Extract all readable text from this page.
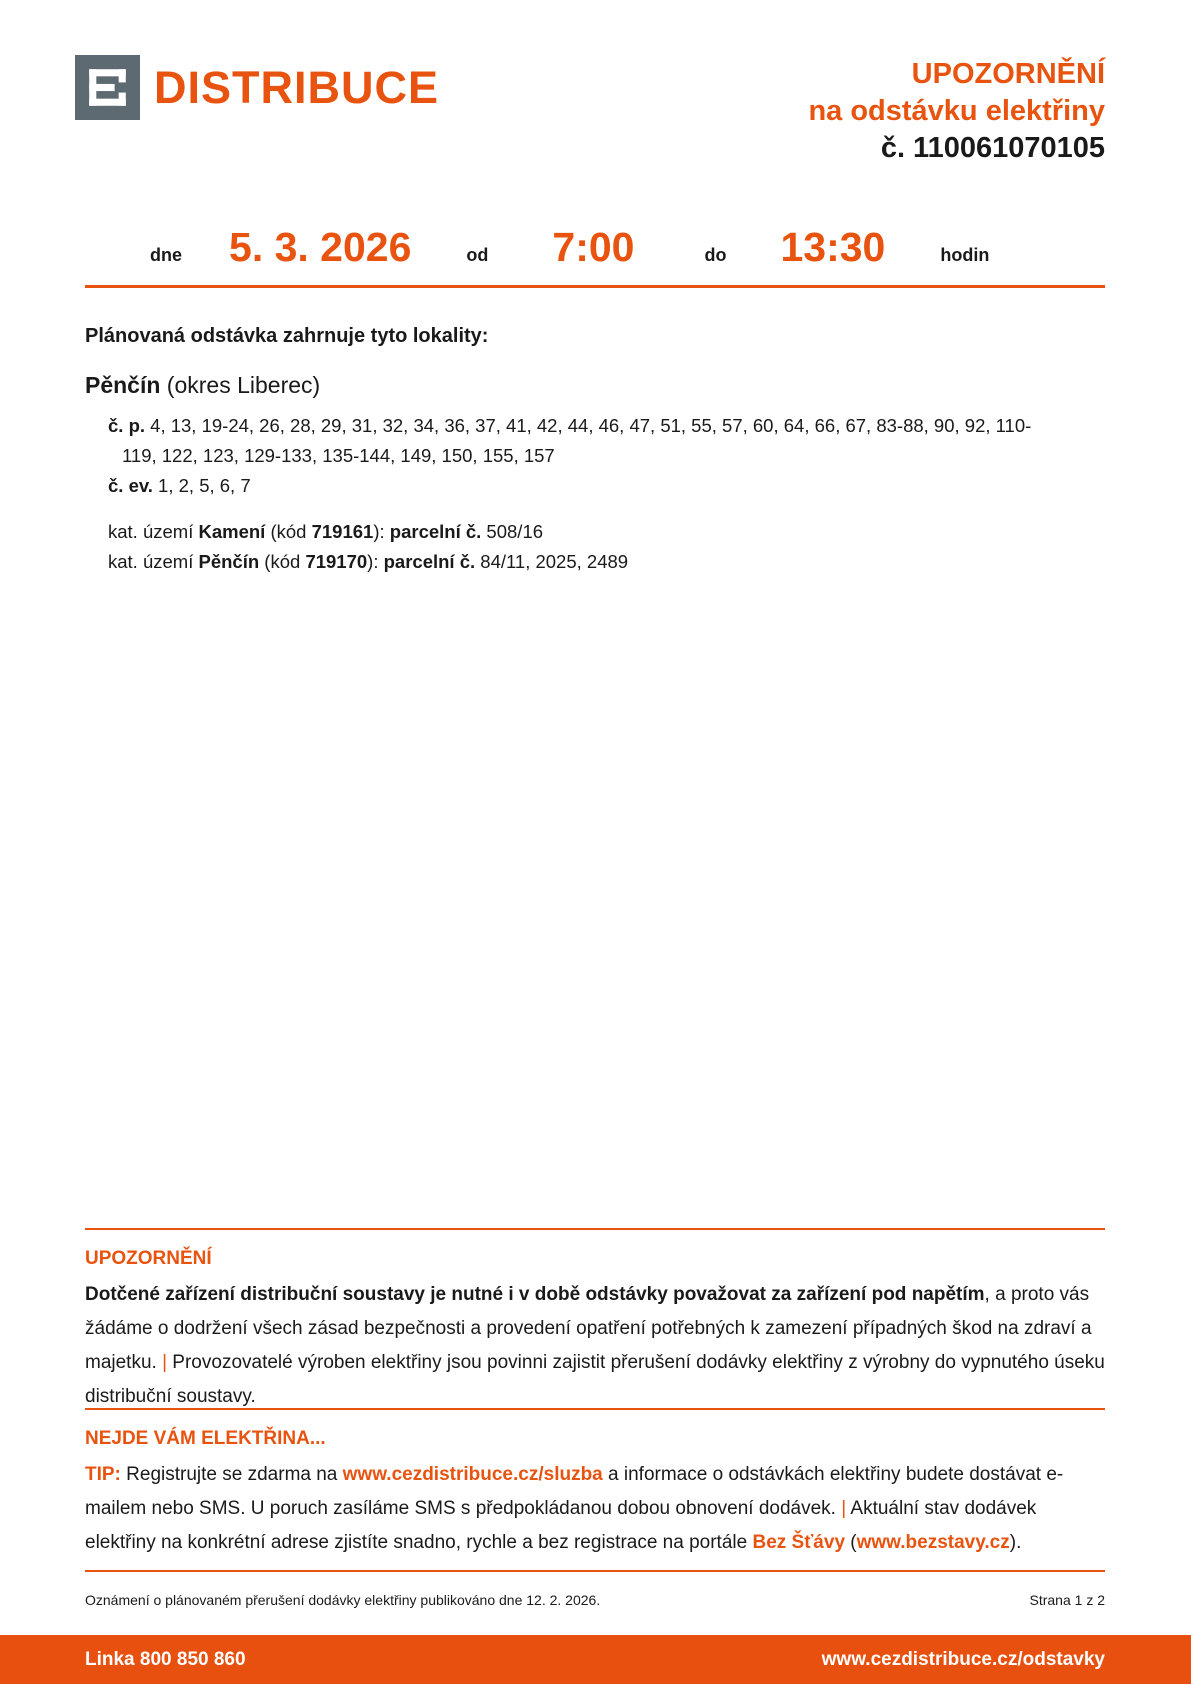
DISTRIBUCE	UPOZORNĚNÍ
na odstávku elektřiny
č. 110061070105
dne 5. 3. 2026	od 7:00	do 13:30	hodin

Plánovaná odstávka zahrnuje tyto lokality:

Pěnčín (okres Liberec)

č. p. 4, 13, 19-24, 26, 28, 29, 31, 32, 34, 36, 37, 41, 42, 44, 46, 47, 51, 55, 57, 60, 64, 66, 67, 83-88, 90, 92, 110-119, 122, 123, 129-133, 135-144, 149, 150, 155, 157

č. ev. 1, 2, 5, 6, 7

kat. území Kamení (kód 719161): parcelní č. 508/16

kat. území Pěnčín (kód 719170): parcelní č. 84/11, 2025, 2489

UPOZORNĚNÍ

Dotčené zařízení distribuční soustavy je nutné i v době odstávky považovat za zařízení pod napětím, a proto vás žádáme o dodržení všech zásad bezpečnosti a provedení opatření potřebných k zamezení případných škod na zdraví a majetku. | Provozovatelé výroben elektřiny jsou povinni zajistit přerušení dodávky elektřiny z výrobny do vypnutého úseku distribuční soustavy.

NEJDE VÁM ELEKTŘINA...

TIP: Registrujte se zdarma na www.cezdistribuce.cz/sluzba a informace o odstávkách elektřiny budete dostávat e-mailem nebo SMS. U poruch zasíláme SMS s předpokládanou dobou obnovení dodávek. | Aktuální stav dodávek elektřiny na konkrétní adrese zjistíte snadno, rychle a bez registrace na portále Bez Šťávy (www.bezstavy.cz).

Oznámení o plánovaném přerušení dodávky elektřiny publikováno dne 12. 2. 2026.	Strana 1 z 2
Linka 800 850 860	www.cezdistribuce.cz/odstavky
